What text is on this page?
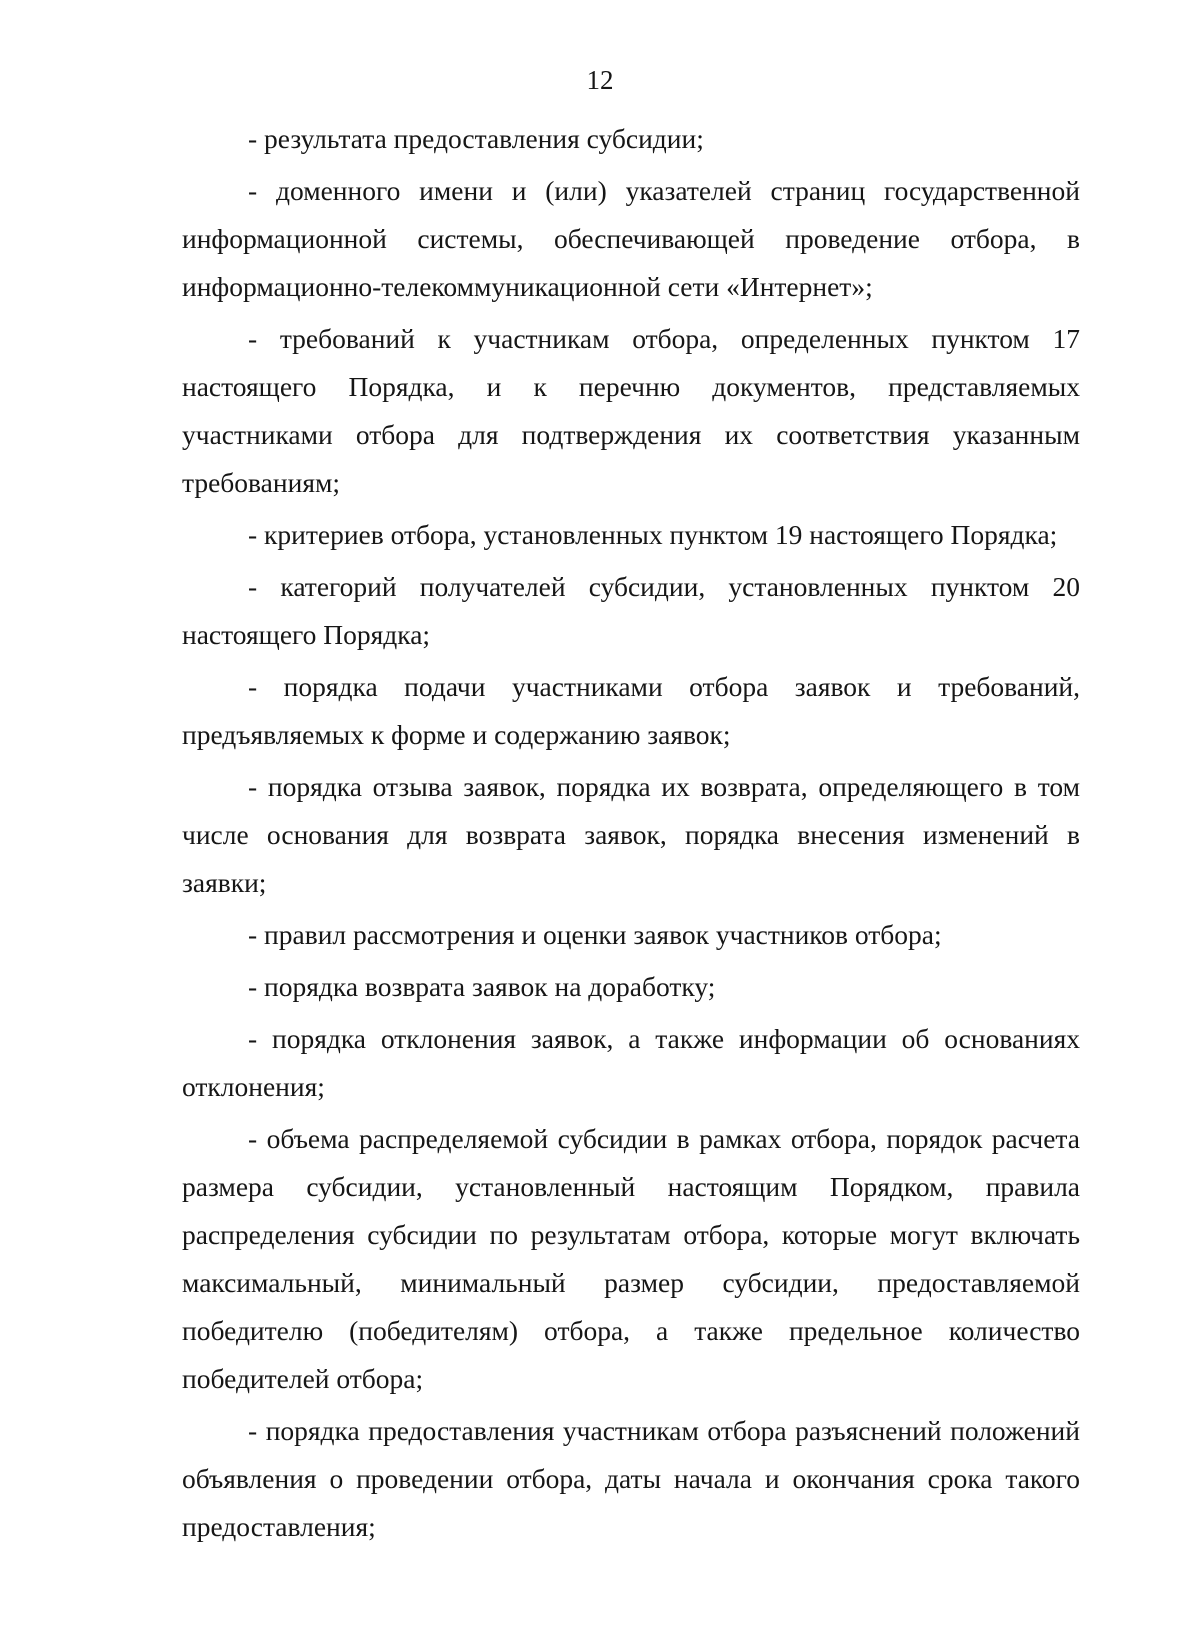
12

- результата предоставления субсидии;

- доменного имени и (или) указателей страниц государственной информационной системы, обеспечивающей проведение отбора, в информационно-телекоммуникационной сети «Интернет»;

- требований к участникам отбора, определенных пунктом 17 настоящего Порядка, и к перечню документов, представляемых участниками отбора для подтверждения их соответствия указанным требованиям;

- критериев отбора, установленных пунктом 19 настоящего Порядка;

- категорий получателей субсидии, установленных пунктом 20 настоящего Порядка;

- порядка подачи участниками отбора заявок и требований, предъявляемых к форме и содержанию заявок;

- порядка отзыва заявок, порядка их возврата, определяющего в том числе основания для возврата заявок, порядка внесения изменений в заявки;

- правил рассмотрения и оценки заявок участников отбора;

- порядка возврата заявок на доработку;

- порядка отклонения заявок, а также информации об основаниях отклонения;

- объема распределяемой субсидии в рамках отбора, порядок расчета размера субсидии, установленный настоящим Порядком, правила распределения субсидии по результатам отбора, которые могут включать максимальный, минимальный размер субсидии, предоставляемой победителю (победителям) отбора, а также предельное количество победителей отбора;

- порядка предоставления участникам отбора разъяснений положений объявления о проведении отбора, даты начала и окончания срока такого предоставления;
